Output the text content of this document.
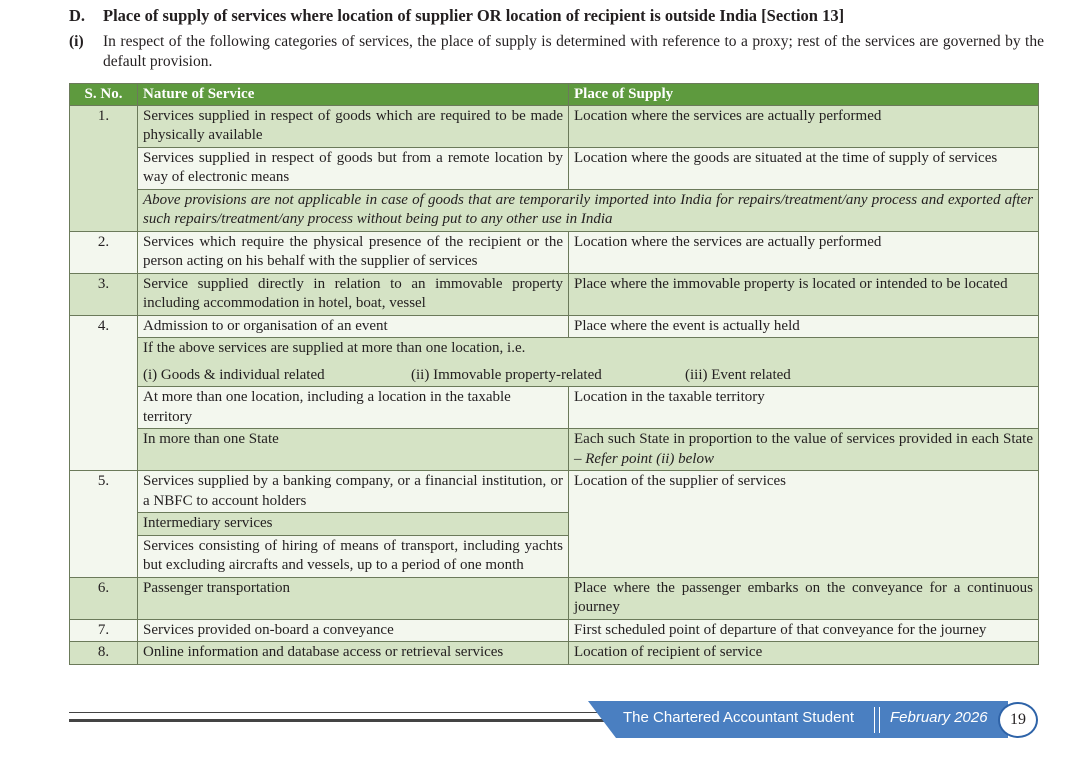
D. Place of supply of services where location of supplier OR location of recipient is outside India [Section 13]
(i) In respect of the following categories of services, the place of supply is determined with reference to a proxy; rest of the services are governed by the default provision.
S. No.	Nature of Service	Place of Supply
1.	Services supplied in respect of goods which are required to be made physically available	Location where the services are actually performed
	Services supplied in respect of goods but from a remote location by way of electronic means	Location where the goods are situated at the time of supply of services
	Above provisions are not applicable in case of goods that are temporarily imported into India for repairs/treatment/any process and exported after such repairs/treatment/any process without being put to any other use in India	
2.	Services which require the physical presence of the recipient or the person acting on his behalf with the supplier of services	Location where the services are actually performed
3.	Service supplied directly in relation to an immovable property including accommodation in hotel, boat, vessel	Place where the immovable property is located or intended to be located
4.	Admission to or organisation of an event	Place where the event is actually held

	If the above services are supplied at more than one location, i.e.
(i) Goods & individual related (ii) Immovable property-related (iii) Event related	

	At more than one location, including a location in the taxable territory	Location in the taxable territory
	In more than one State	Each such State in proportion to the value of services provided in each State – Refer point (ii) below
5.	Services supplied by a banking company, or a financial institution, or a NBFC to account holders	Location of the supplier of services
	Intermediary services	
	Services consisting of hiring of means of transport, including yachts but excluding aircrafts and vessels, up to a period of one month	
6.	Passenger transportation	Place where the passenger embarks on the conveyance for a continuous journey
7.	Services provided on-board a conveyance	First scheduled point of departure of that conveyance for the journey
8.	Online information and database access or retrieval services	Location of recipient of service
The Chartered Accountant Student February 2026	19
